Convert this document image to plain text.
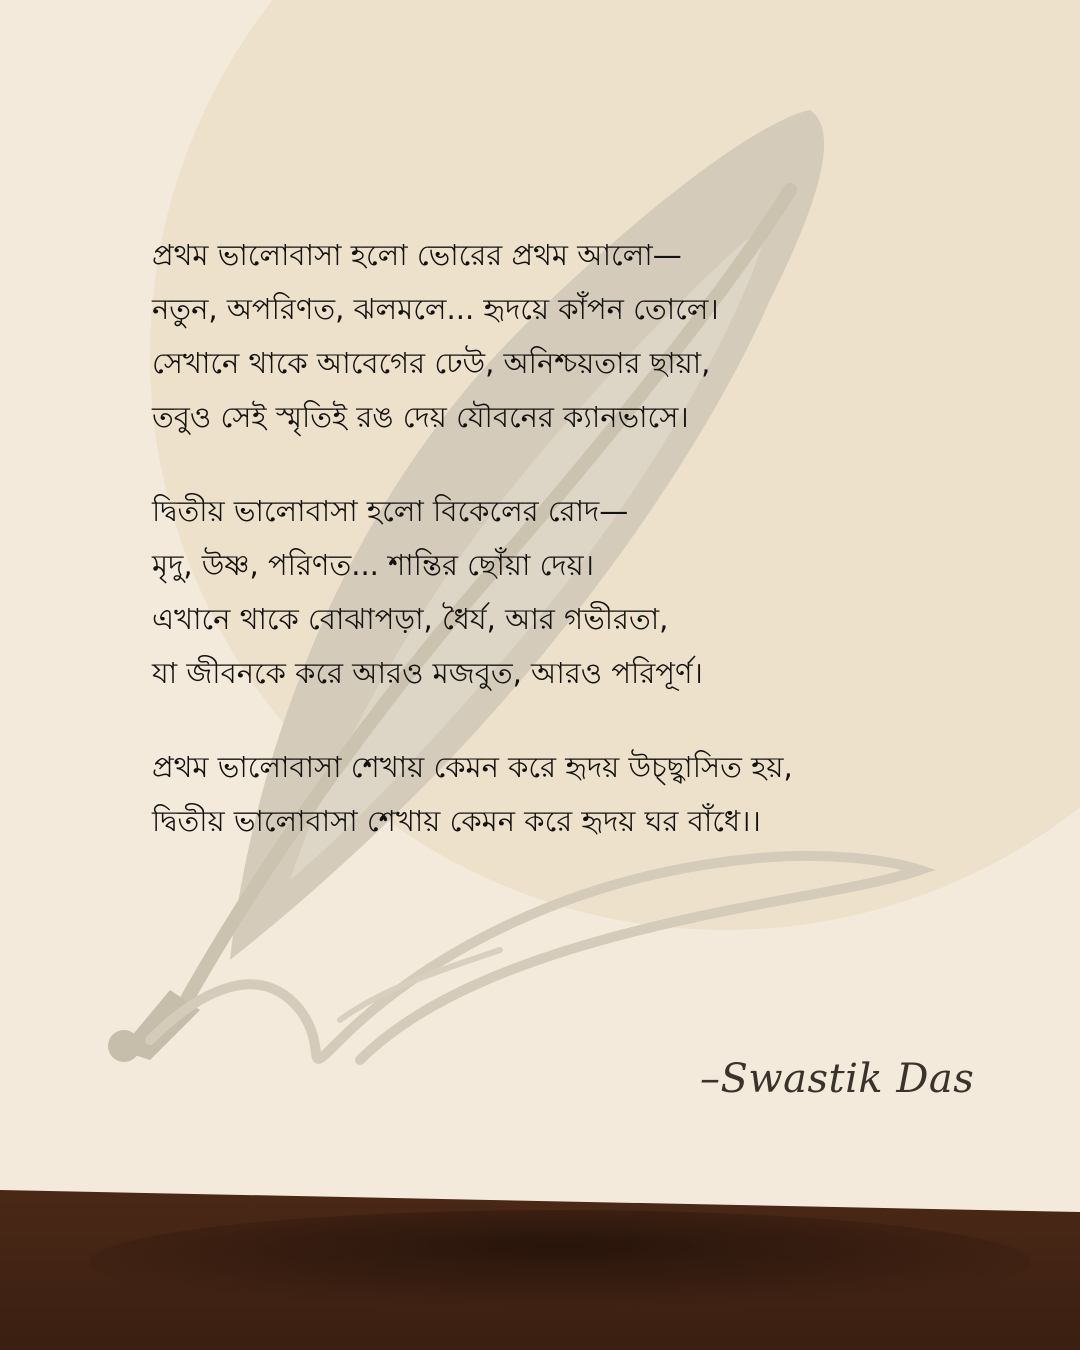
প্রথম ভালোবাসা হলো ভোরের প্রথম আলো—
নতুন, অপরিণত, ঝলমলে... হৃদয়ে কাঁপন তোলে।
সেখানে থাকে আবেগের ঢেউ, অনিশ্চয়তার ছায়া,
তবুও সেই স্মৃতিই রঙ দেয় যৌবনের ক্যানভাসে।
দ্বিতীয় ভালোবাসা হলো বিকেলের রোদ—
মৃদু, উষ্ণ, পরিণত... শান্তির ছোঁয়া দেয়।
এখানে থাকে বোঝাপড়া, ধৈর্য, আর গভীরতা,
যা জীবনকে করে আরও মজবুত, আরও পরিপূর্ণ।
প্রথম ভালোবাসা শেখায় কেমন করে হৃদয় উচ্ছ্বাসিত হয়,
দ্বিতীয় ভালোবাসা শেখায় কেমন করে হৃদয় ঘর বাঁধে।।
–Swastik Das
